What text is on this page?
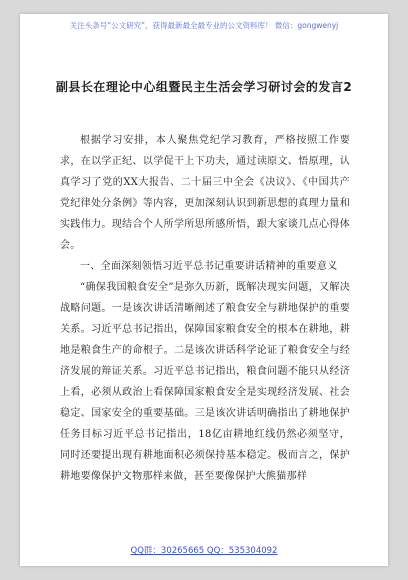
关注头条号“公文研究”，获得最新最全最专业的公文资料库！ 微信：gongwenyj
副县长在理论中心组暨民主生活会学习研讨会的发言2

根据学习安排，本人聚焦党纪学习教育，严格按照工作要求，在以学正纪、以学促干上下功夫，通过读原文、悟原理，认真学习了党的XX大报告、二十届三中全会《决议》、《中国共产党纪律处分条例》等内容，更加深刻认识到新思想的真理力量和实践伟力。现结合个人所学所思所感所悟，跟大家谈几点心得体会。

一、全面深刻领悟习近平总书记重要讲话精神的重要意义

“确保我国粮食安全”是弥久历新，既解决现实问题，又解决战略问题。一是该次讲话清晰阐述了粮食安全与耕地保护的重要关系。习近平总书记指出，保障国家粮食安全的根本在耕地，耕地是粮食生产的命根子。二是该次讲话科学论证了粮食安全与经济发展的辩证关系。习近平总书记指出，粮食问题不能只从经济上看，必须从政治上看保障国家粮食安全是实现经济发展、社会稳定、国家安全的重要基础。三是该次讲话明确指出了耕地保护任务目标习近平总书记指出，18亿亩耕地红线仍然必须坚守，同时还要提出现有耕地面积必须保持基本稳定。极而言之，保护耕地要像保护文物那样来做，甚至要像保护大熊猫那样

QQ群：30265665 QQ：535304092
